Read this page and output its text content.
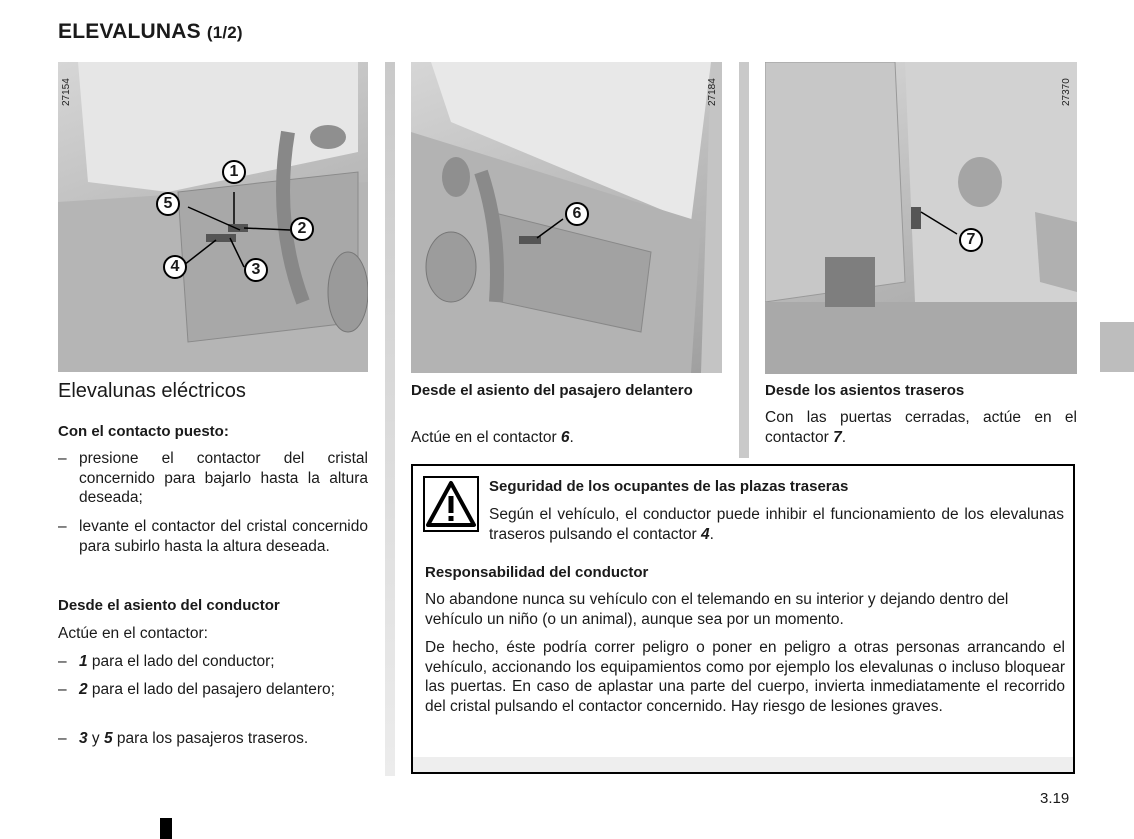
ELEVALUNAS (1/2)
27154
1
5
2
4	3
27184
6
27370
7
Elevalunas eléctricos
Con el contacto puesto:
– presione el contactor del cristal concernido para bajarlo hasta la altura deseada;
– levante el contactor del cristal concernido para subirlo hasta la altura deseada.
Desde el asiento del conductor
Actúe en el contactor:
– 1 para el lado del conductor;
– 2 para el lado del pasajero delantero;
– 3 y 5 para los pasajeros traseros.
Desde el asiento del pasajero delantero
Actúe en el contactor 6.
Desde los asientos traseros
Con las puertas cerradas, actúe en el contactor 7.
Seguridad de los ocupantes de las plazas traseras
Según el vehículo, el conductor puede inhibir el funcionamiento de los elevalunas traseros pulsando el contactor 4.
Responsabilidad del conductor
No abandone nunca su vehículo con el telemando en su interior y dejando dentro del vehículo un niño (o un animal), aunque sea por un momento.
De hecho, éste podría correr peligro o poner en peligro a otras personas arrancando el vehículo, accionando los equipamientos como por ejemplo los elevalunas o incluso bloquear las puertas. En caso de aplastar una parte del cuerpo, invierta inmediatamente el recorrido del cristal pulsando el contactor concernido. Hay riesgo de lesiones graves.
3.19
